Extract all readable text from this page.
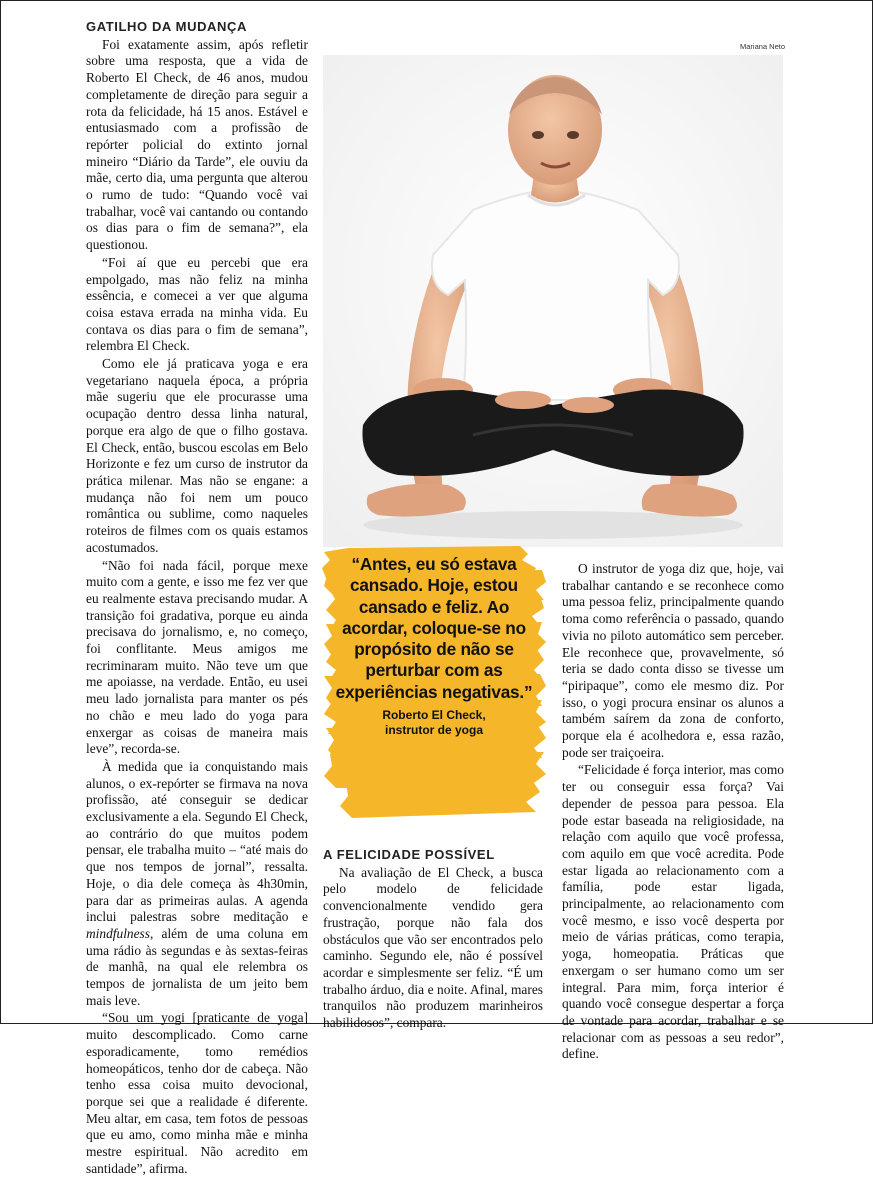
GATILHO DA MUDANÇA

Foi exatamente assim, após refletir sobre uma resposta, que a vida de Roberto El Check, de 46 anos, mudou completamente de direção para seguir a rota da felicidade, há 15 anos. Estável e entusiasmado com a profissão de repórter policial do extinto jornal mineiro “Diário da Tarde”, ele ouviu da mãe, certo dia, uma pergunta que alterou o rumo de tudo: “Quando você vai trabalhar, você vai cantando ou contando os dias para o fim de semana?”, ela questionou.

“Foi aí que eu percebi que era empolgado, mas não feliz na minha essência, e comecei a ver que alguma coisa estava errada na minha vida. Eu contava os dias para o fim de semana”, relembra El Check.

Como ele já praticava yoga e era vegetariano naquela época, a própria mãe sugeriu que ele procurasse uma ocupação dentro dessa linha natural, porque era algo de que o filho gostava. El Check, então, buscou escolas em Belo Horizonte e fez um curso de instrutor da prática milenar. Mas não se engane: a mudança não foi nem um pouco romântica ou sublime, como naqueles roteiros de filmes com os quais estamos acostumados.

“Não foi nada fácil, porque mexe muito com a gente, e isso me fez ver que eu realmente estava precisando mudar. A transição foi gradativa, porque eu ainda precisava do jornalismo, e, no começo, foi conflitante. Meus amigos me recriminaram muito. Não teve um que me apoiasse, na verdade. Então, eu usei meu lado jornalista para manter os pés no chão e meu lado do yoga para enxergar as coisas de maneira mais leve”, recorda-se.

À medida que ia conquistando mais alunos, o ex-repórter se firmava na nova profissão, até conseguir se dedicar exclusivamente a ela. Segundo El Check, ao contrário do que muitos podem pensar, ele trabalha muito – “até mais do que nos tempos de jornal”, ressalta. Hoje, o dia dele começa às 4h30min, para dar as primeiras aulas. A agenda inclui palestras sobre meditação e mindfulness, além de uma coluna em uma rádio às segundas e às sextas-feiras de manhã, na qual ele relembra os tempos de jornalista de um jeito bem mais leve.

“Sou um yogi [praticante de yoga] muito descomplicado. Como carne esporadicamente, tomo remédios homeopáticos, tenho dor de cabeça. Não tenho essa coisa muito devocional, porque sei que a realidade é diferente. Meu altar, em casa, tem fotos de pessoas que eu amo, como minha mãe e minha mestre espiritual. Não acredito em santidade”, afirma.

Mariana Neto
“Antes, eu só estava cansado. Hoje, estou cansado e feliz. Ao acordar, coloque-se no propósito de não se perturbar com as experiências negativas.”
Roberto El Check,
instrutor de yoga
A FELICIDADE POSSÍVEL

Na avaliação de El Check, a busca pelo modelo de felicidade convencionalmente vendido gera frustração, porque não fala dos obstáculos que vão ser encontrados pelo caminho. Segundo ele, não é possível acordar e simplesmente ser feliz. “É um trabalho árduo, dia e noite. Afinal, mares tranquilos não produzem marinheiros habilidosos”, compara.

O instrutor de yoga diz que, hoje, vai trabalhar cantando e se reconhece como uma pessoa feliz, principalmente quando toma como referência o passado, quando vivia no piloto automático sem perceber. Ele reconhece que, provavelmente, só teria se dado conta disso se tivesse um “piripaque”, como ele mesmo diz. Por isso, o yogi procura ensinar os alunos a também saírem da zona de conforto, porque ela é acolhedora e, essa razão, pode ser traiçoeira.

“Felicidade é força interior, mas como ter ou conseguir essa força? Vai depender de pessoa para pessoa. Ela pode estar baseada na religiosidade, na relação com aquilo que você professa, com aquilo em que você acredita. Pode estar ligada ao relacionamento com a família, pode estar ligada, principalmente, ao relacionamento com você mesmo, e isso você desperta por meio de várias práticas, como terapia, yoga, homeopatia. Práticas que enxergam o ser humano como um ser integral. Para mim, força interior é quando você consegue despertar a força de vontade para acordar, trabalhar e se relacionar com as pessoas a seu redor”, define.
